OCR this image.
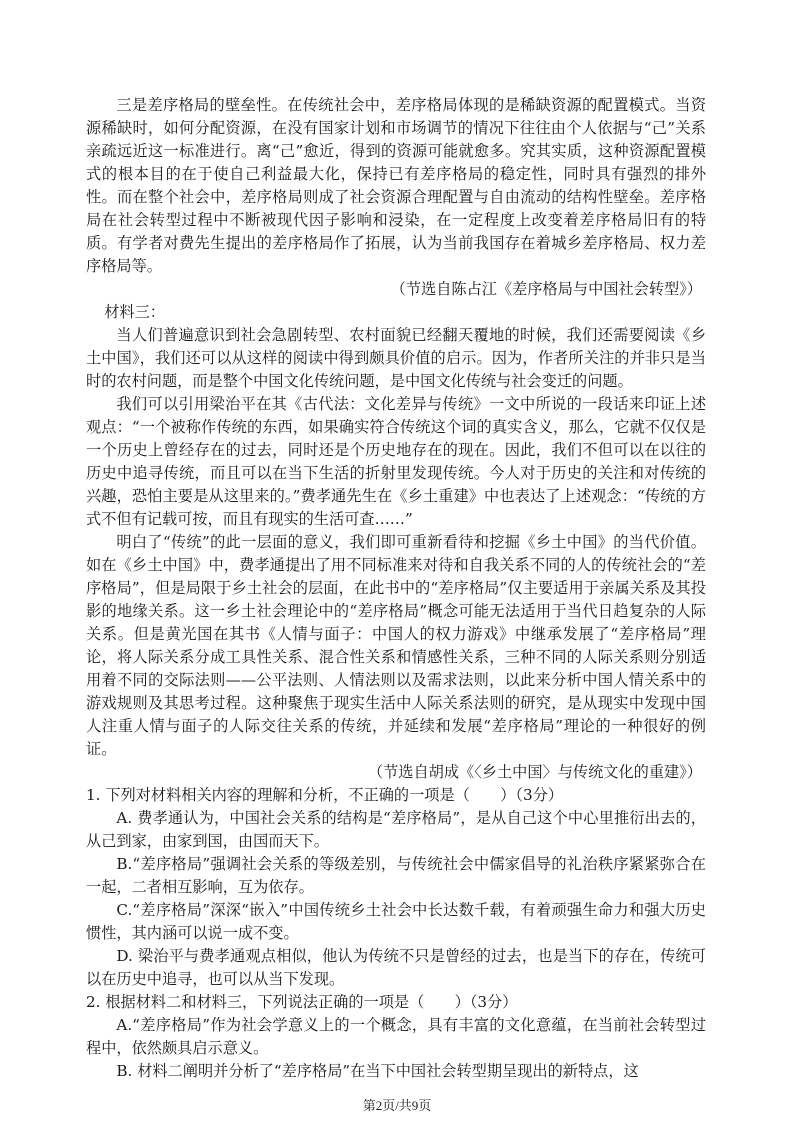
三是差序格局的壁垒性。在传统社会中，差序格局体现的是稀缺资源的配置模式。当资源稀缺时，如何分配资源，在没有国家计划和市场调节的情况下往往由个人依据与“己”关系亲疏远近这一标准进行。离“己”愈近，得到的资源可能就愈多。究其实质，这种资源配置模式的根本目的在于使自己利益最大化，保持已有差序格局的稳定性，同时具有强烈的排外性。而在整个社会中，差序格局则成了社会资源合理配置与自由流动的结构性壁垒。差序格局在社会转型过程中不断被现代因子影响和浸染，在一定程度上改变着差序格局旧有的特质。有学者对费先生提出的差序格局作了拓展，认为当前我国存在着城乡差序格局、权力差序格局等。

（节选自陈占江《差序格局与中国社会转型》）

材料三：

当人们普遍意识到社会急剧转型、农村面貌已经翻天覆地的时候，我们还需要阅读《乡土中国》，我们还可以从这样的阅读中得到颇具价值的启示。因为，作者所关注的并非只是当时的农村问题，而是整个中国文化传统问题，是中国文化传统与社会变迁的问题。

我们可以引用梁治平在其《古代法：文化差异与传统》一文中所说的一段话来印证上述观点：“一个被称作传统的东西，如果确实符合传统这个词的真实含义，那么，它就不仅仅是一个历史上曾经存在的过去，同时还是个历史地存在的现在。因此，我们不但可以在以往的历史中追寻传统，而且可以在当下生活的折射里发现传统。今人对于历史的关注和对传统的兴趣，恐怕主要是从这里来的。”费孝通先生在《乡土重建》中也表达了上述观念：“传统的方式不但有记载可按，而且有现实的生活可查……”

明白了“传统”的此一层面的意义，我们即可重新看待和挖掘《乡土中国》的当代价值。如在《乡土中国》中，费孝通提出了用不同标准来对待和自我关系不同的人的传统社会的“差序格局”，但是局限于乡土社会的层面，在此书中的“差序格局”仅主要适用于亲属关系及其投影的地缘关系。这一乡土社会理论中的“差序格局”概念可能无法适用于当代日趋复杂的人际关系。但是黄光国在其书《人情与面子：中国人的权力游戏》中继承发展了“差序格局”理论，将人际关系分成工具性关系、混合性关系和情感性关系，三种不同的人际关系则分别适用着不同的交际法则——公平法则、人情法则以及需求法则，以此来分析中国人情关系中的游戏规则及其思考过程。这种聚焦于现实生活中人际关系法则的研究，是从现实中发现中国人注重人情与面子的人际交往关系的传统，并延续和发展“差序格局”理论的一种很好的例证。

（节选自胡成《〈乡土中国〉与传统文化的重建》）

1. 下列对材料相关内容的理解和分析，不正确的一项是（　　）（3分）

A. 费孝通认为，中国社会关系的结构是“差序格局”，是从自己这个中心里推衍出去的，从己到家，由家到国，由国而天下。

B.“差序格局”强调社会关系的等级差别，与传统社会中儒家倡导的礼治秩序紧紧弥合在一起，二者相互影响，互为依存。

C.“差序格局”深深“嵌入”中国传统乡土社会中长达数千载，有着顽强生命力和强大历史惯性，其内涵可以说一成不变。

D. 梁治平与费孝通观点相似，他认为传统不只是曾经的过去，也是当下的存在，传统可以在历史中追寻，也可以从当下发现。

2. 根据材料二和材料三，下列说法正确的一项是（　　）（3分）

A.“差序格局”作为社会学意义上的一个概念，具有丰富的文化意蕴，在当前社会转型过程中，依然颇具启示意义。

B. 材料二阐明并分析了“差序格局”在当下中国社会转型期呈现出的新特点，这

第2页/共9页
